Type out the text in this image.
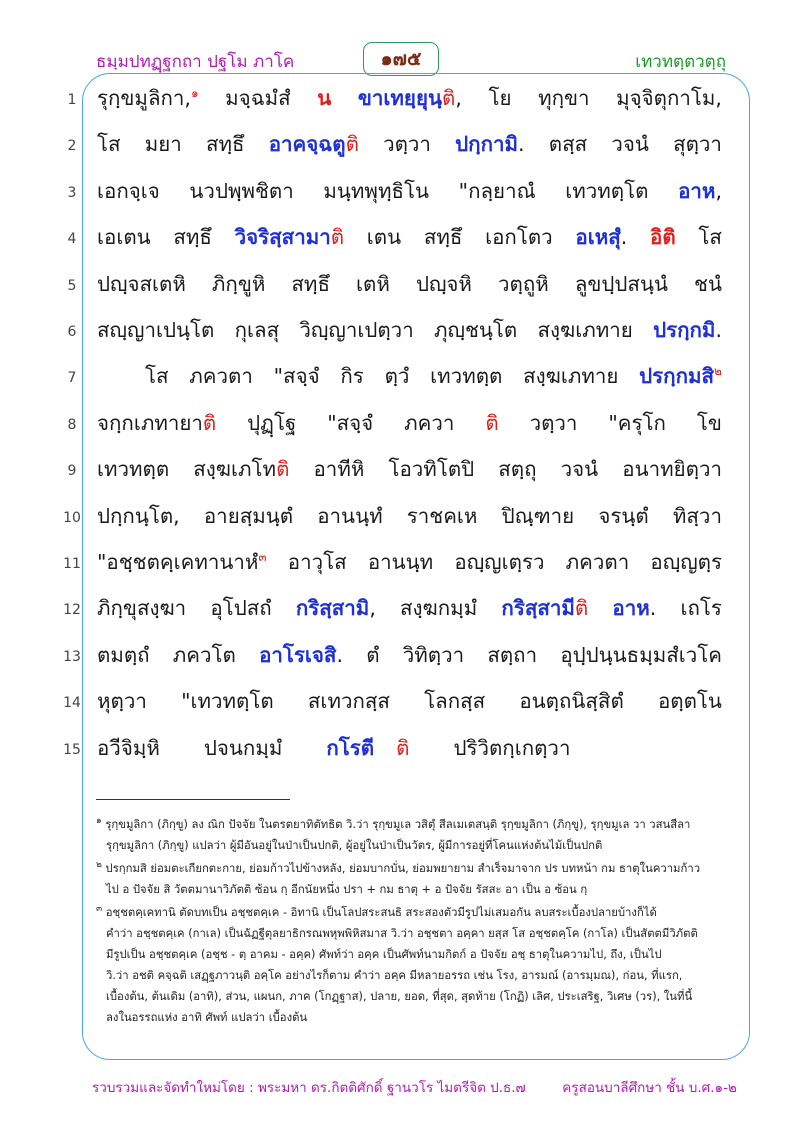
ธมฺมปทฏฺฐกถา ปฐโม ภาโค	๑๗๕	เทวทตฺตวตฺถุ
1	รุกฺขมูลิกา,$^๑$ มจฺฉมํสํ น ขาเทยฺยุนฺติ, โย ทุกฺขา มุจฺจิตุกาโม,
2	โส มยา สทฺธึ อาคจฺฉตูติ วตฺวา ปกฺกามิ. ตสฺส วจนํ สุตฺวา
3	เอกจฺเจ นวปพฺพชิตา มนฺทพุทฺธิโน "กลฺยาณํ เทวทตฺโต อาห,
4	เอเตน สทฺธึ วิจริสฺสามาติ เตน สทฺธึ เอกโตว อเหสุํ. อิติ โส
5	ปญฺจสเตหิ ภิกฺขูหิ สทฺธึ เตหิ ปญฺจหิ วตฺถูหิ ลูขปฺปสนฺนํ ชนํ
6	สญฺญาเปนฺโต กุเลสุ วิญฺญาเปตฺวา ภุญฺชนฺโต สงฺฆเภทาย ปรกฺกมิ.
7	โส ภควตา "สจฺจํ กิร ตฺวํ เทวทตฺต สงฺฆเภทาย ปรกฺกมสิ$^๒$
8	จกฺกเภทายาติ ปุฏฺโฐ "สจฺจํ ภควา ติ วตฺวา "ครุโก โข
9	เทวทตฺต สงฺฆเภโทติ อาทีหิ โอวทิโตปิ สตฺถุ วจนํ อนาทยิตฺวา
10 ปกฺกนฺโต, อายสฺมนฺตํ อานนฺทํ ราชคเห ปิณฺฑาย จรนฺตํ ทิสฺวา
11 "อชฺชตคฺเคทานาหํ$^๓$ อาวุโส อานนฺท อญฺญเตฺรว ภควตา อญฺญตฺร
12 ภิกฺขุสงฺฆา อุโปสถํ กริสฺสามิ, สงฺฆกมฺมํ กริสฺสามีติ อาห. เถโร
13 ตมตฺถํ ภควโต อาโรเจสิ. ตํ วิทิตฺวา สตฺถา อุปฺปนฺนธมฺมสํเวโค
14 หุตฺวา "เทวทตฺโต สเทวกสฺส โลกสฺส อนตฺถนิสฺสิตํ อตฺตโน
15 อวีจิมฺหิ	ปจนกมฺมํ	กโรตี ติ	ปริวิตกฺเกตฺวา
$^๑$ รุกฺขมูลิกา (ภิกฺขู) ลง ณิก ปัจจัย ในตรตยาทิตัทธิต วิ.ว่า รุกฺขมูเล วสิตุํ สีลเมเตสนฺติ รุกฺขมูลิกา (ภิกฺขู), รุกฺขมูเล วา วสนสีลา
รุกฺขมูลิกา (ภิกฺขู) แปลว่า ผู้มีอันอยู่ในป่าเป็นปกติ, ผู้อยู่ในป่าเป็นวัตร, ผู้มีการอยู่ที่โคนแห่งต้นไม้เป็นปกติ
$^๒$ ปรกฺกมสิ ย่อมตะเกียกตะกาย, ย่อมก้าวไปข้างหลัง, ย่อมบากบั่น, ย่อมพยายาม สำเร็จมาจาก ปร บทหน้า กม ธาตุในความก้าว
ไป อ ปัจจัย สิ วัตตมานาวิภัตติ ซ้อน กฺ อีกนัยหนึ่ง ปรา + กม ธาตุ + อ ปัจจัย รัสสะ อา เป็น อ ซ้อน กฺ
$^๓$ อชฺชตคฺเคทานิ ตัดบทเป็น อชฺชตคฺเค - อิทานิ เป็นโลปสระสนธิ สระสองตัวมีรูปไม่เสมอกัน ลบสระเบื้องปลายบ้างก็ได้
คำว่า อชฺชตคฺเค (กาเล) เป็นฉัฏฐีตุลยาธิกรณพหุพพิหิสมาส วิ.ว่า อชฺชตา อคฺคา ยสฺส โส อชฺชตคฺโค (กาโล) เป็นสัตตมีวิภัตติ
มีรูปเป็น อชฺชตคฺเค (อชฺช - ตฺ อาคม - อคฺค) ศัพท์ว่า อคฺค เป็นศัพท์นามกิตก์ อ ปัจจัย อชฺ ธาตุในความไป, ถึง, เป็นไป
วิ.ว่า อชติ คจฺฉติ เสฏฺฐภาวนฺติ อคฺโค อย่างไรก็ตาม คำว่า อคฺค มีหลายอรรถ เช่น โรง, อารมณ์ (อารมฺมณ), ก่อน, ที่แรก,
เบื้องต้น, ต้นเดิม (อาทิ), ส่วน, แผนก, ภาค (โกฏฺฐาส), ปลาย, ยอด, ที่สุด, สุดท้าย (โกฏิ) เลิศ, ประเสริฐ, วิเศษ (วร), ในที่นี้
ลงในอรรถแห่ง อาทิ ศัพท์ แปลว่า เบื้องต้น
รวบรวมและจัดทำใหม่โดย : พระมหา ดร.กิตติศักดิ์ ฐานวโร ไมตรีจิต ป.ธ.๗	ครูสอนบาลีศึกษา ชั้น บ.ศ.๑-๒
